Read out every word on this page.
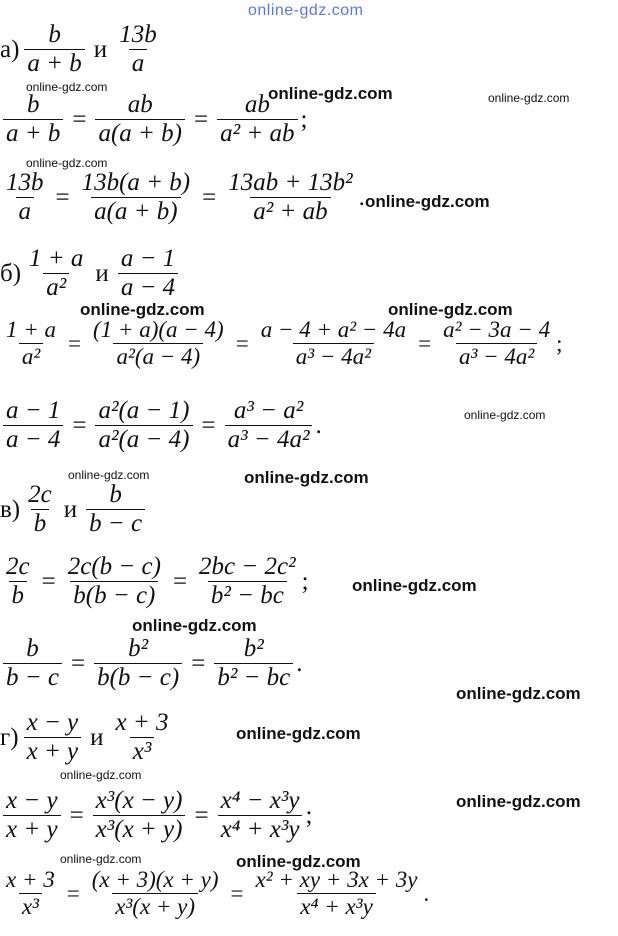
online-gdz.com
$а) \frac{b}{a + b}$ и $\frac{13b}{a}$
online-gdz.com
$\frac{b}{a + b} = \frac{ab}{a(a + b)} = \frac{ab}{\text{a² + ab}}$ ;
online-gdz.com	online-gdz.com
online-gdz.com
$\frac{13b}{a} = \frac{13b(a + b)}{a(a + b)} = \frac{\text{13ab + 13b²}}{\text{a² + ab}}$ . online-gdz.com
$б) \frac{1 + a}{\text{a²}}$ и $\frac{a - 1}{a - 4}$
online-gdz.com	online-gdz.com
$\frac{1 + a}{\text{a²}} = \frac{(1 + a)(a - 4)}{\text{a²(a − 4)}} = \frac{\text{a − 4 + a² − 4a}}{\text{a³ − 4a²}} = \frac{\text{a² − 3a − 4}}{\text{a³ − 4a²}}$ ;
$\frac{a - 1}{a - 4} = \frac{\text{a²(a − 1)}}{\text{a²(a − 4)}} = \frac{\text{a³ − a²}}{\text{a³ − 4a²}}$ .	online-gdz.com
online-gdz.com	online-gdz.com
$в) \frac{2c}{b}$ и $\frac{b}{b - c}$
$\frac{2c}{b} = \frac{2c(b - c)}{b(b - c)} = \frac{\text{2bc − 2c²}}{\text{b² − bc}}$ ;	online-gdz.com
online-gdz.com
$\frac{b}{b - c} = \frac{\text{b²}}{b(b - c)} = \frac{\text{b²}}{\text{b² − bc}}$ .
online-gdz.com
$г) \frac{x - y}{x + y}$ и $\frac{x + 3}{\text{x³}}$	online-gdz.com
online-gdz.com
$\frac{x - y}{x + y} = \frac{\text{x³(x − y)}}{\text{x³(x + y)}} = \frac{\text{x⁴ − x³y}}{\text{x⁴ + x³y}}$ ;
online-gdz.com
online-gdz.com	online-gdz.com
$\frac{x + 3}{\text{x³}} = \frac{(x + 3)(x + y)}{\text{x³(x + y)}} = \frac{\text{x² + xy + 3x + 3y}}{\text{x⁴ + x³y}}$ .
